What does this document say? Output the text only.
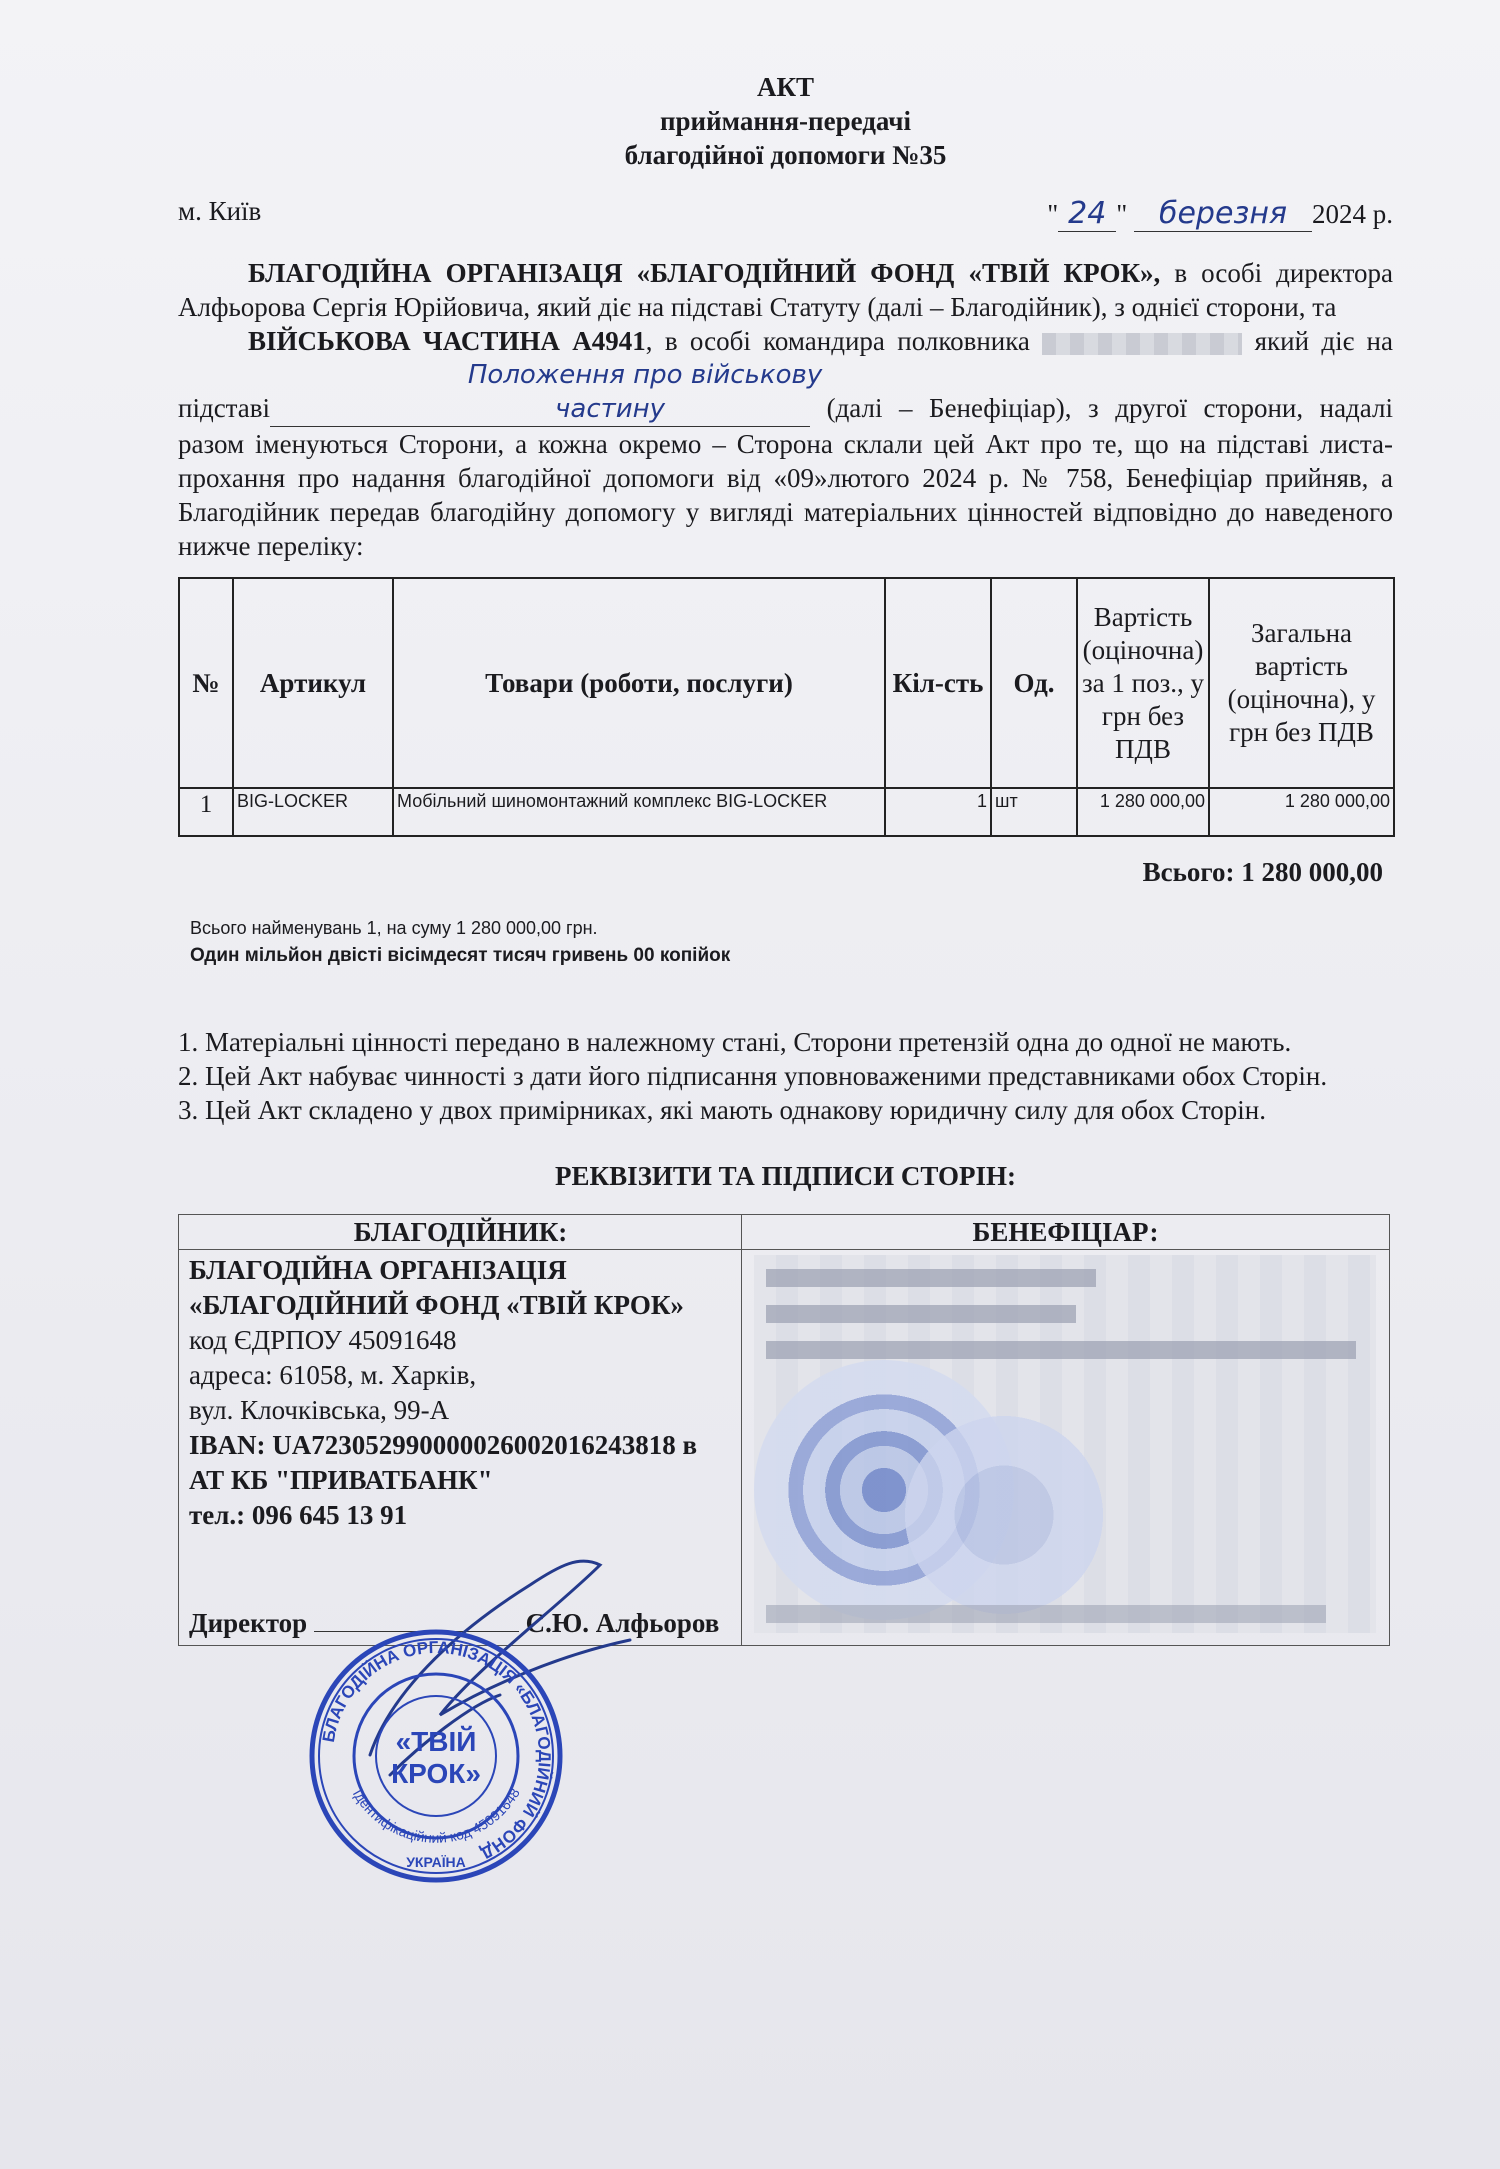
АКТ
приймання-передачі
благодійної допомоги №35
м. Київ	" 24 " березня 2024 р.
БЛАГОДІЙНА ОРГАНІЗАЦЯ «БЛАГОДІЙНИЙ ФОНД «ТВІЙ КРОК», в особі директора Алфьорова Сергія Юрійовича, який діє на підставі Статуту (далі – Благодійник), з однієї сторони, та
ВІЙСЬКОВА ЧАСТИНА А4941, в особі командира полковника	який діє на підставіПоложення про військову частину	(далі – Бенефіціар), з другої сторони, надалі разом іменуються Сторони, а кожна окремо – Сторона склали цей Акт про те, що на підставі листа-прохання про надання благодійної допомоги від «09»лютого 2024 р. № 758, Бенефіціар прийняв, а Благодійник передав благодійну допомогу у вигляді матеріальних цінностей відповідно до наведеного нижче переліку:
№	Артикул	Товари (роботи, послуги)	Кіл-сть	Од.	Вартість (оціночна) за 1 поз., у грн без ПДВ	Загальна вартість (оціночна), у грн без ПДВ
1	BIG-LOCKER	Мобільний шиномонтажний комплекс BIG-LOCKER	1	шт	1 280 000,00	1 280 000,00
Всього: 1 280 000,00
Всього найменувань 1, на суму 1 280 000,00 грн.
Один мільйон двісті вісімдесят тисяч гривень 00 копійок
1. Матеріальні цінності передано в належному стані, Сторони претензій одна до одної не мають.
2. Цей Акт набуває чинності з дати його підписання уповноваженими представниками обох Сторін.
3. Цей Акт складено у двох примірниках, які мають однакову юридичну силу для обох Сторін.
РЕКВІЗИТИ ТА ПІДПИСИ СТОРІН:
БЛАГОДІЙНИК:
БЛАГОДІЙНА ОРГАНІЗАЦІЯ
«БЛАГОДІЙНИЙ ФОНД «ТВІЙ КРОК»
код ЄДРПОУ 45091648
адреса: 61058, м. Харків,
вул. Клочківська, 99-А
IBAN: UA723052990000026002016243818 в
АТ КБ "ПРИВАТБАНК"
тел.: 096 645 13 91
Директор	С.Ю. Алфьоров
БЕНЕФІЦІАР:
БЛАГОДІЙНА ОРГАНІЗАЦІЯ «БЛАГОДІЙНИЙ ФОНД
Ідентифікаційний код 45091648
«ТВІЙ
КРОК»
УКРАЇНА
